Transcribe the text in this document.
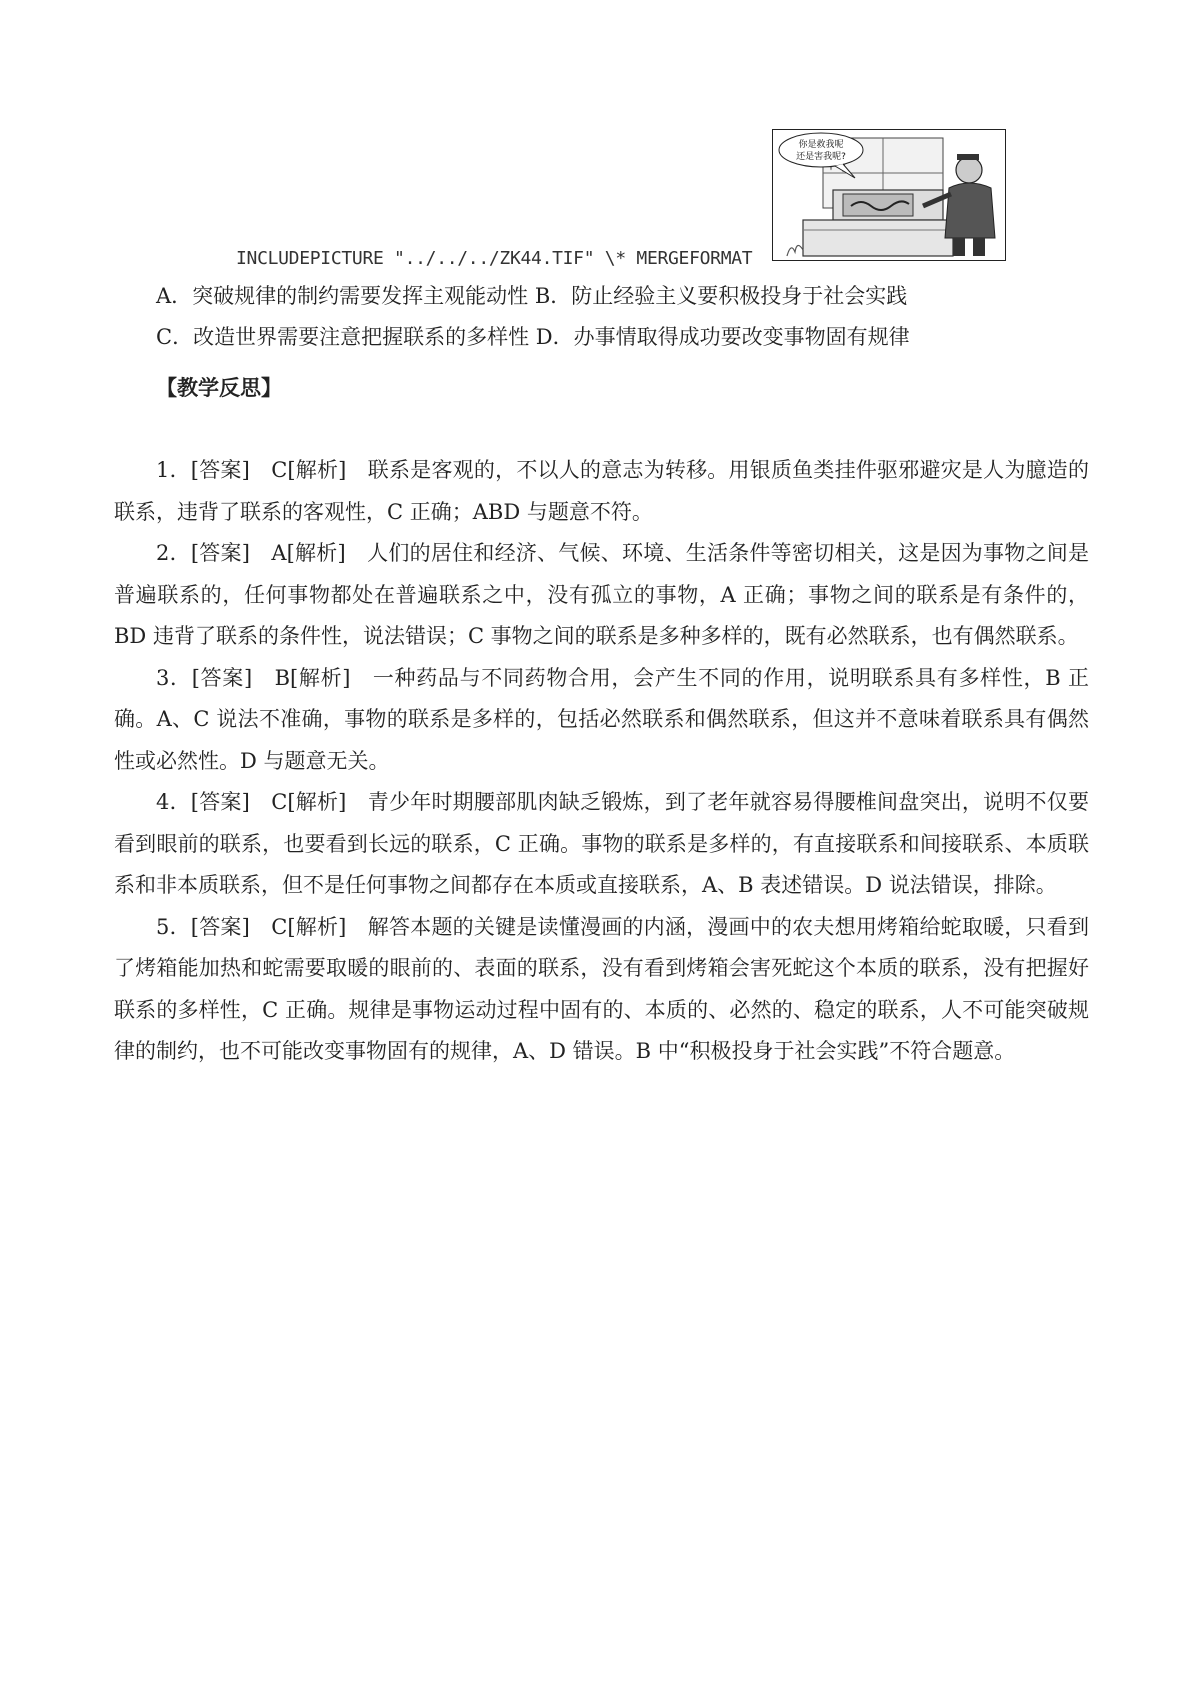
你是救我呢
还是害我呢?
INCLUDEPICTURE "../../../ZK44.TIF" \* MERGEFORMAT
A．突破规律的制约需要发挥主观能动性 B．防止经验主义要积极投身于社会实践
C．改造世界需要注意把握联系的多样性 D．办事情取得成功要改变事物固有规律
【教学反思】

1．[答案]　C[解析]　联系是客观的，不以人的意志为转移。用银质鱼类挂件驱邪避灾是人为臆造的联系，违背了联系的客观性，C 正确；ABD 与题意不符。

2．[答案]　A[解析]　人们的居住和经济、气候、环境、生活条件等密切相关，这是因为事物之间是普遍联系的，任何事物都处在普遍联系之中，没有孤立的事物，A 正确；事物之间的联系是有条件的，BD 违背了联系的条件性，说法错误；C 事物之间的联系是多种多样的，既有必然联系，也有偶然联系。

3．[答案]　B[解析]　一种药品与不同药物合用，会产生不同的作用，说明联系具有多样性，B 正确。A、C 说法不准确，事物的联系是多样的，包括必然联系和偶然联系，但这并不意味着联系具有偶然性或必然性。D 与题意无关。

4．[答案]　C[解析]　青少年时期腰部肌肉缺乏锻炼，到了老年就容易得腰椎间盘突出，说明不仅要看到眼前的联系，也要看到长远的联系，C 正确。事物的联系是多样的，有直接联系和间接联系、本质联系和非本质联系，但不是任何事物之间都存在本质或直接联系，A、B 表述错误。D 说法错误，排除。

5．[答案]　C[解析]　解答本题的关键是读懂漫画的内涵，漫画中的农夫想用烤箱给蛇取暖，只看到了烤箱能加热和蛇需要取暖的眼前的、表面的联系，没有看到烤箱会害死蛇这个本质的联系，没有把握好联系的多样性，C 正确。规律是事物运动过程中固有的、本质的、必然的、稳定的联系，人不可能突破规律的制约，也不可能改变事物固有的规律，A、D 错误。B 中“积极投身于社会实践”不符合题意。
